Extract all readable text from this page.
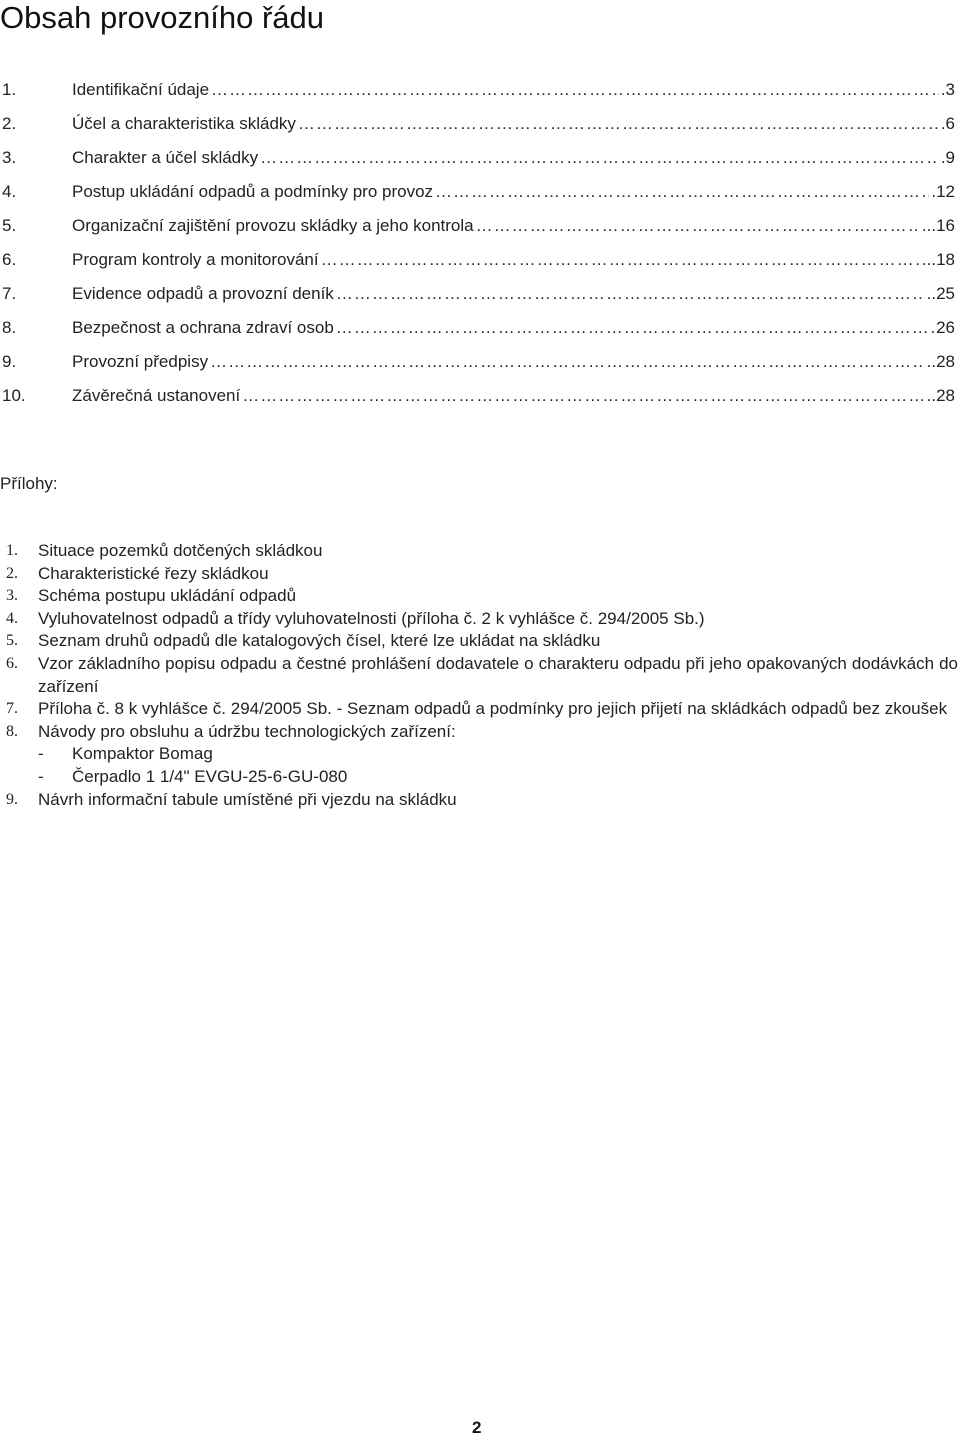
Obsah provozního řádu
1.	Identifikační údaje …………………………………………………………………………………………………………………………………………………………………………………	.3
2.	Účel a charakteristika skládky …………………………………………………………………………………………………………………………………………………………………………………	.6
3.	Charakter a účel skládky …………………………………………………………………………………………………………………………………………………………………………………	.9
4.	Postup ukládání odpadů a podmínky pro provoz …………………………………………………………………………………………………………………………………………………………………………………	.12
5.	Organizační zajištění provozu skládky a jeho kontrola …………………………………………………………………………………………………………………………………………………………………………………	...16
6.	Program kontroly a monitorování …………………………………………………………………………………………………………………………………………………………………………………	...18
7.	Evidence odpadů a provozní deník …………………………………………………………………………………………………………………………………………………………………………………	..25
8.	Bezpečnost a ochrana zdraví osob …………………………………………………………………………………………………………………………………………………………………………………	26
9.	Provozní předpisy …………………………………………………………………………………………………………………………………………………………………………………	..28
10.	Závěrečná ustanovení …………………………………………………………………………………………………………………………………………………………………………………	..28
Přílohy:
1.	Situace pozemků dotčených skládkou
2.	Charakteristické řezy skládkou
3.	Schéma postupu ukládání odpadů
4.	Vyluhovatelnost odpadů a třídy vyluhovatelnosti (příloha č. 2 k vyhlášce č. 294/2005 Sb.)
5.	Seznam druhů odpadů dle katalogových čísel, které lze ukládat na skládku
6.	Vzor základního popisu odpadu a čestné prohlášení dodavatele o charakteru odpadu při jeho opakovaných dodávkách do zařízení
7.	Příloha č. 8 k vyhlášce č. 294/2005 Sb. - Seznam odpadů a podmínky pro jejich přijetí na skládkách odpadů bez zkoušek
8.	Návody pro obsluhu a údržbu technologických zařízení:
-	Kompaktor Bomag
-	Čerpadlo 1 1/4" EVGU-25-6-GU-080
9.	Návrh informační tabule umístěné při vjezdu na skládku
2
